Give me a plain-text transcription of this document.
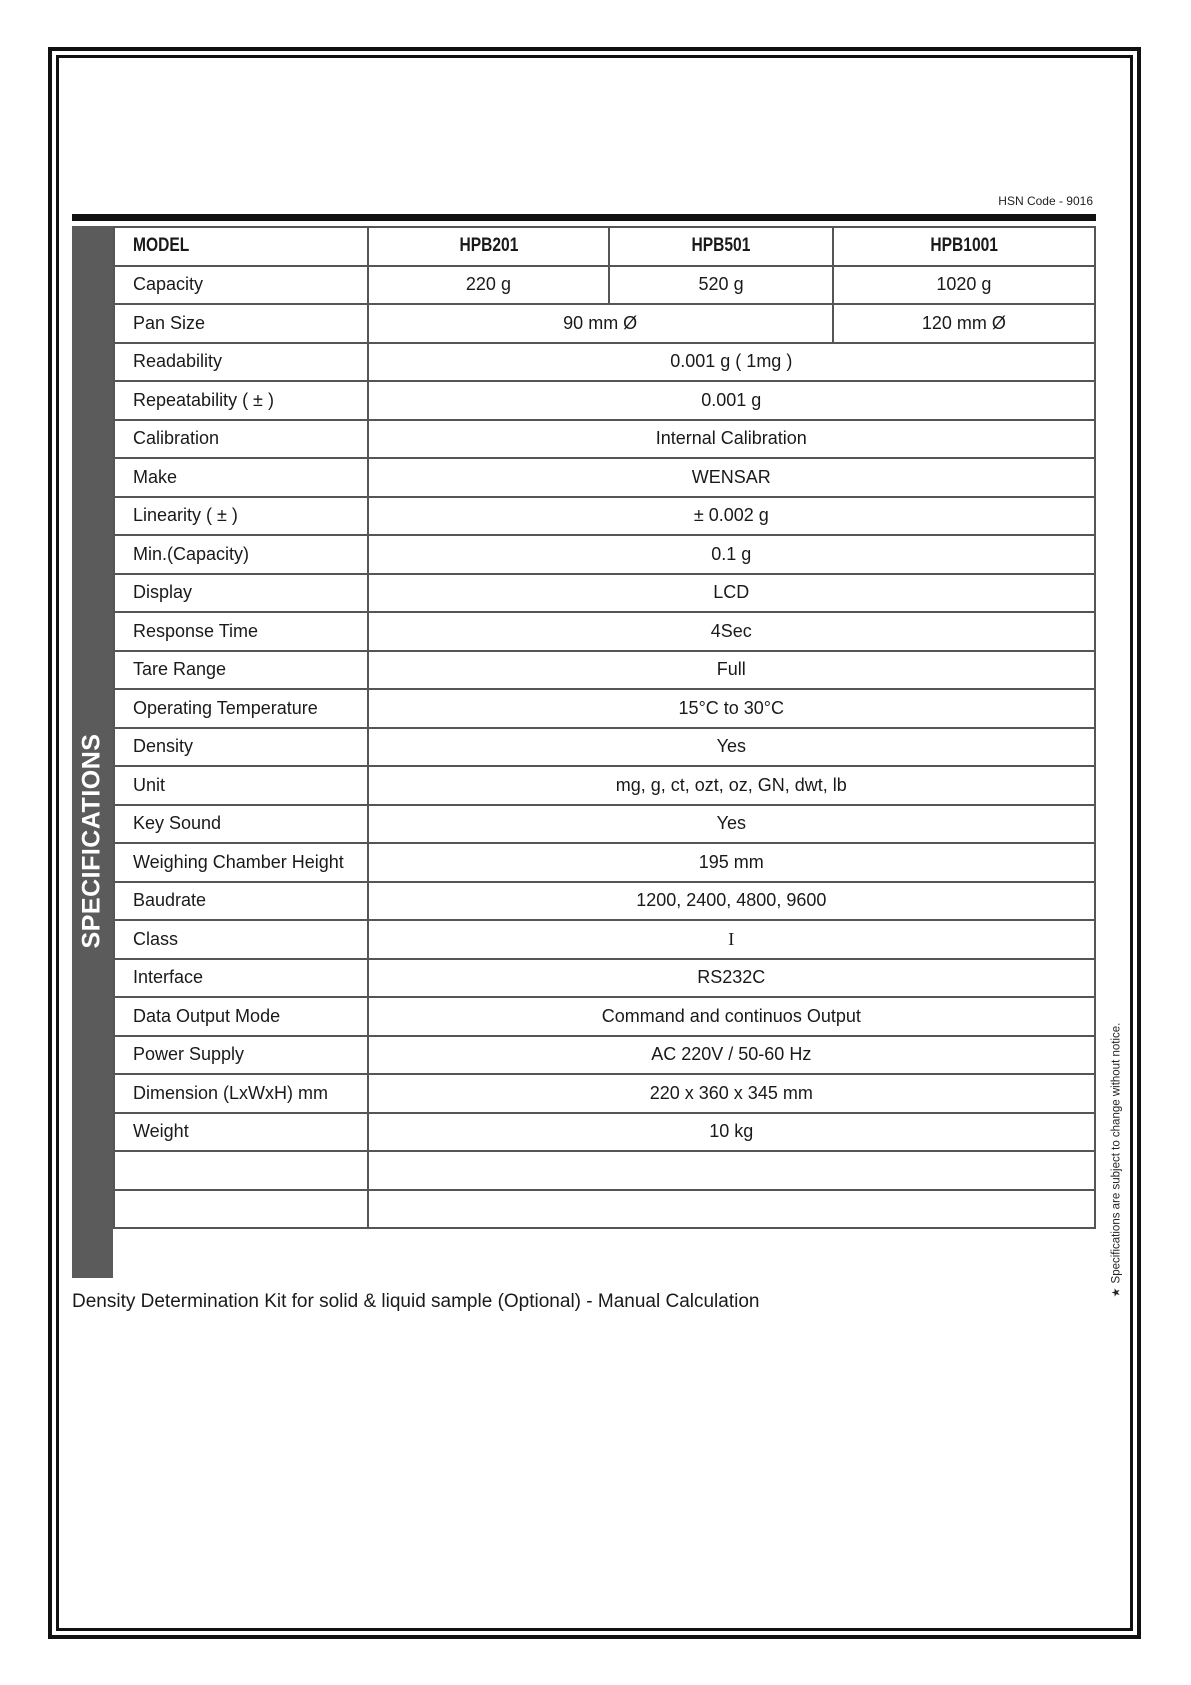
HSN Code - 9016
SPECIFICATIONS
MODEL	HPB201	HPB501	HPB1001
Capacity	220 g	520 g	1020 g
Pan Size	90 mm Ø		120 mm Ø
Readability	0.001 g ( 1mg )		
Repeatability ( ± )	0.001 g		
Calibration	Internal Calibration		
Make	WENSAR		
Linearity ( ± )	± 0.002 g		
Min.(Capacity)	0.1 g		
Display	LCD		
Response Time	4Sec		
Tare Range	Full		
Operating Temperature	15°C to 30°C		
Density	Yes		
Unit	mg, g, ct, ozt, oz, GN, dwt, lb		
Key Sound	Yes		
Weighing Chamber Height	195 mm		
Baudrate	1200, 2400, 4800, 9600		
Class	I		
Interface	RS232C		
Data Output Mode	Command and continuos Output		
Power Supply	AC 220V / 50-60 Hz		
Dimension (LxWxH) mm	220 x 360 x 345 mm		
Weight	10 kg		

Density Determination Kit for solid & liquid sample (Optional) - Manual Calculation	★Specifications are subject to change without notice.
